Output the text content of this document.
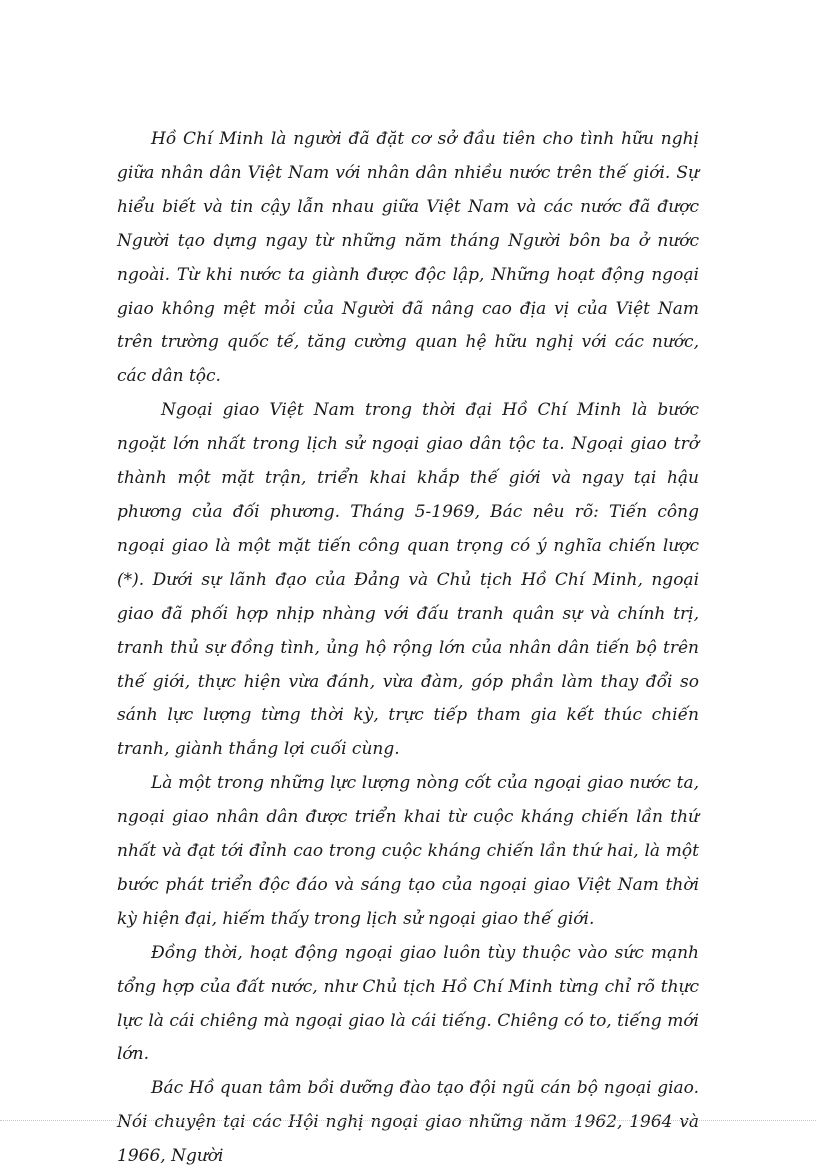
Hồ Chí Minh là người đã đặt cơ sở đầu tiên cho tình hữu nghị giữa nhân dân Việt Nam với nhân dân nhiều nước trên thế giới. Sự hiểu biết và tin cậy lẫn nhau giữa Việt Nam và các nước đã được Người tạo dựng ngay từ những năm tháng Người bôn ba ở nước ngoài. Từ khi nước ta giành được độc lập, Những hoạt động ngoại giao không mệt mỏi của Người đã nâng cao địa vị của Việt Nam trên trường quốc tế, tăng cường quan hệ hữu nghị với các nước, các dân tộc.

Ngoại giao Việt Nam trong thời đại Hồ Chí Minh là bước ngoặt lớn nhất trong lịch sử ngoại giao dân tộc ta. Ngoại giao trở thành một mặt trận, triển khai khắp thế giới và ngay tại hậu phương của đối phương. Tháng 5-1969, Bác nêu rõ: Tiến công ngoại giao là một mặt tiến công quan trọng có ý nghĩa chiến lược (*). Dưới sự lãnh đạo của Đảng và Chủ tịch Hồ Chí Minh, ngoại giao đã phối hợp nhịp nhàng với đấu tranh quân sự và chính trị, tranh thủ sự đồng tình, ủng hộ rộng lớn của nhân dân tiến bộ trên thế giới, thực hiện vừa đánh, vừa đàm, góp phần làm thay đổi so sánh lực lượng từng thời kỳ, trực tiếp tham gia kết thúc chiến tranh, giành thắng lợi cuối cùng.

Là một trong những lực lượng nòng cốt của ngoại giao nước ta, ngoại giao nhân dân được triển khai từ cuộc kháng chiến lần thứ nhất và đạt tới đỉnh cao trong cuộc kháng chiến lần thứ hai, là một bước phát triển độc đáo và sáng tạo của ngoại giao Việt Nam thời kỳ hiện đại, hiếm thấy trong lịch sử ngoại giao thế giới.

Đồng thời, hoạt động ngoại giao luôn tùy thuộc vào sức mạnh tổng hợp của đất nước, như Chủ tịch Hồ Chí Minh từng chỉ rõ thực lực là cái chiêng mà ngoại giao là cái tiếng. Chiêng có to, tiếng mới lớn.

Bác Hồ quan tâm bồi dưỡng đào tạo đội ngũ cán bộ ngoại giao. Nói chuyện tại các Hội nghị ngoại giao những năm 1962, 1964 và 1966, Người
